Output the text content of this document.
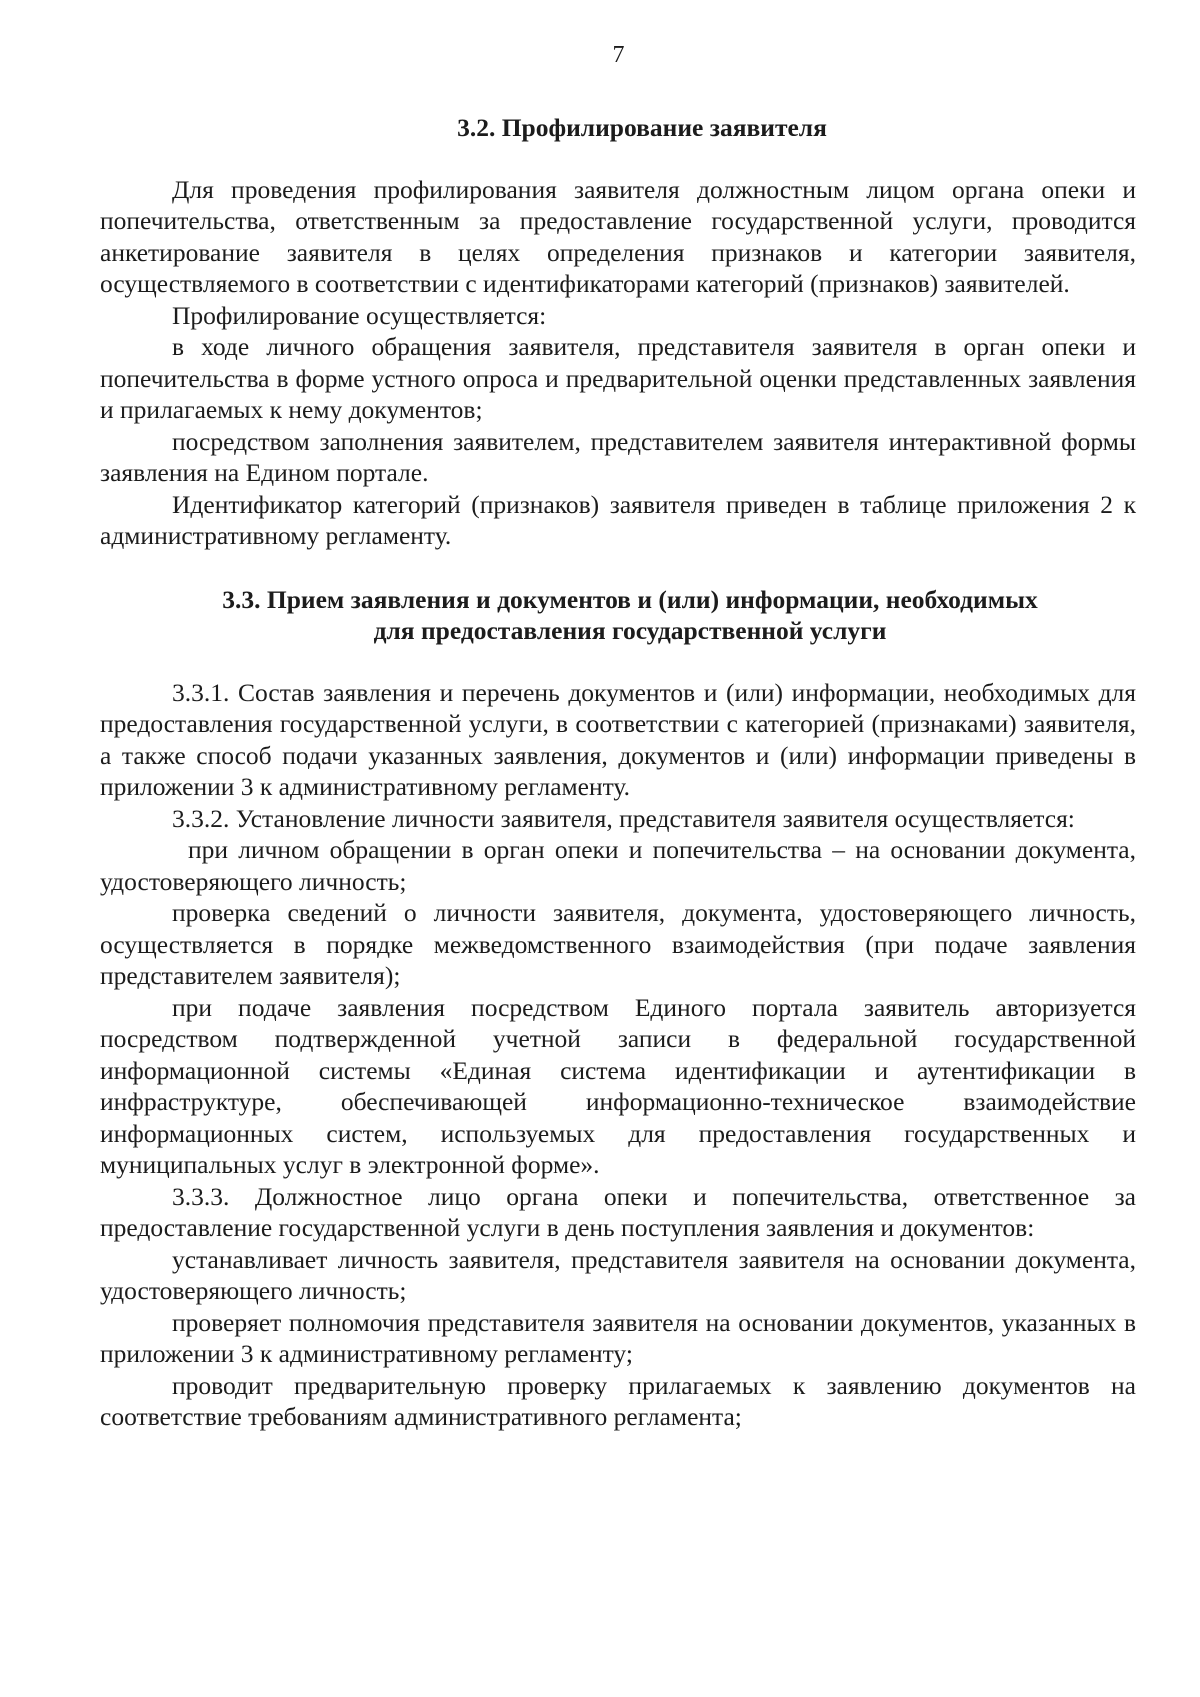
7
3.2. Профилирование заявителя

Для проведения профилирования заявителя должностным лицом органа опеки и попечительства, ответственным за предоставление государственной услуги, проводится анкетирование заявителя в целях определения признаков и категории заявителя, осуществляемого в соответствии с идентификаторами категорий (признаков) заявителей.

Профилирование осуществляется:

в ходе личного обращения заявителя, представителя заявителя в орган опеки и попечительства в форме устного опроса и предварительной оценки представленных заявления и прилагаемых к нему документов;

посредством заполнения заявителем, представителем заявителя интерактивной формы заявления на Едином портале.

Идентификатор категорий (признаков) заявителя приведен в таблице приложения 2 к административному регламенту.

3.3. Прием заявления и документов и (или) информации, необходимых
для предоставления государственной услуги

3.3.1. Состав заявления и перечень документов и (или) информации, необходимых для предоставления государственной услуги, в соответствии с категорией (признаками) заявителя, а также способ подачи указанных заявления, документов и (или) информации приведены в приложении 3 к административному регламенту.

3.3.2. Установление личности заявителя, представителя заявителя осуществляется:

при личном обращении в орган опеки и попечительства – на основании документа, удостоверяющего личность;

проверка сведений о личности заявителя, документа, удостоверяющего личность, осуществляется в порядке межведомственного взаимодействия (при подаче заявления представителем заявителя);

при подаче заявления посредством Единого портала заявитель авторизуется посредством подтвержденной учетной записи в федеральной государственной информационной системы «Единая система идентификации и аутентификации в инфраструктуре, обеспечивающей информационно-техническое взаимодействие информационных систем, используемых для предоставления государственных и муниципальных услуг в электронной форме».

3.3.3. Должностное лицо органа опеки и попечительства, ответственное за предоставление государственной услуги в день поступления заявления и документов:

устанавливает личность заявителя, представителя заявителя на основании документа, удостоверяющего личность;

проверяет полномочия представителя заявителя на основании документов, указанных в приложении 3 к административному регламенту;

проводит предварительную проверку прилагаемых к заявлению документов на соответствие требованиям административного регламента;
